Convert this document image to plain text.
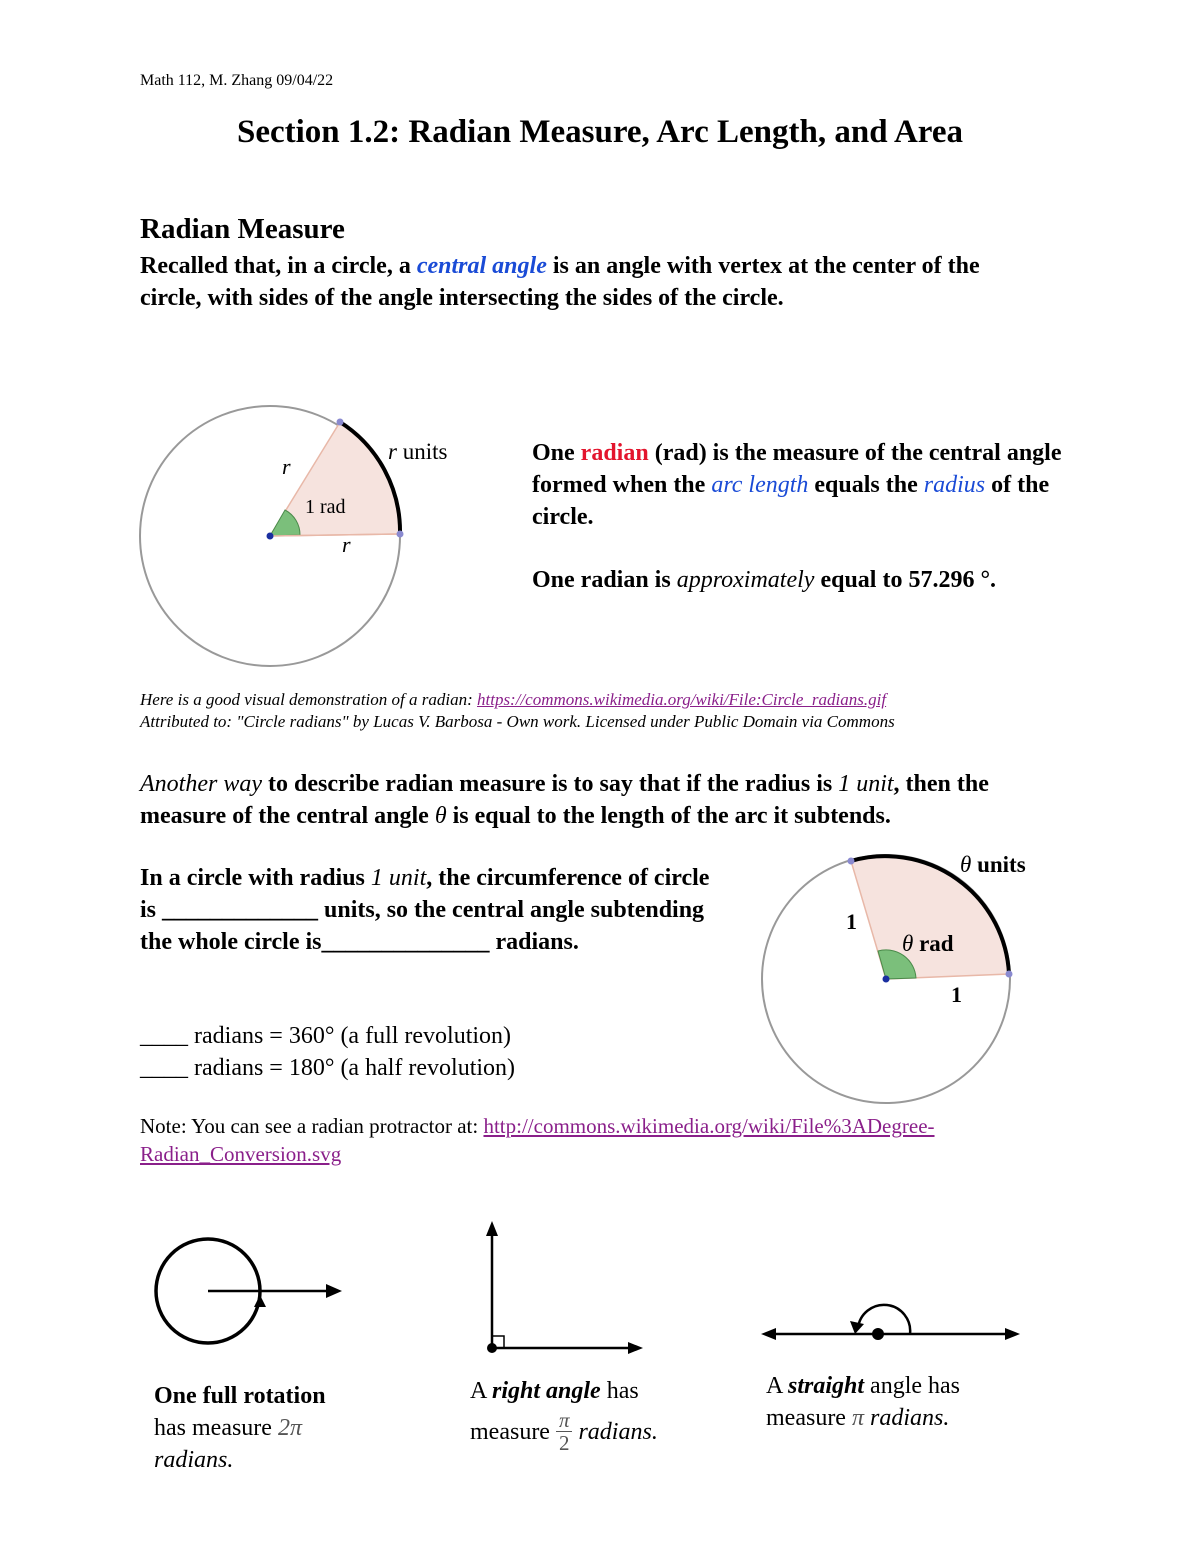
Math 112, M. Zhang 09/04/22
Section 1.2: Radian Measure, Arc Length, and Area
Radian Measure
Recalled that, in a circle, a central angle is an angle with vertex at the center of the circle, with sides of the angle intersecting the sides of the circle.
r
r
1 rad
r units	One radian (rad) is the measure of the central angle formed when the arc length equals the radius of the circle.
One radian is approximately equal to 57.296 °.
Here is a good visual demonstration of a radian: https://commons.wikimedia.org/wiki/File:Circle_radians.gif
Attributed to: "Circle radians" by Lucas V. Barbosa - Own work. Licensed under Public Domain via Commons
Another way to describe radian measure is to say that if the radius is 1 unit, then the measure of the central angle θ is equal to the length of the arc it subtends.
In a circle with radius 1 unit, the circumference of circle is _____________ units, so the central angle subtending the whole circle is______________ radians.
____ radians = 360° (a full revolution)
____ radians = 180° (a half revolution)
θ units
θ rad
1
1
Note: You can see a radian protractor at: http://commons.wikimedia.org/wiki/File%3ADegree-
Radian_Conversion.svg
One full rotation
has measure 2π
radians.
A right angle has
measure π
2 radians.
A straight angle has
measure π radians.
